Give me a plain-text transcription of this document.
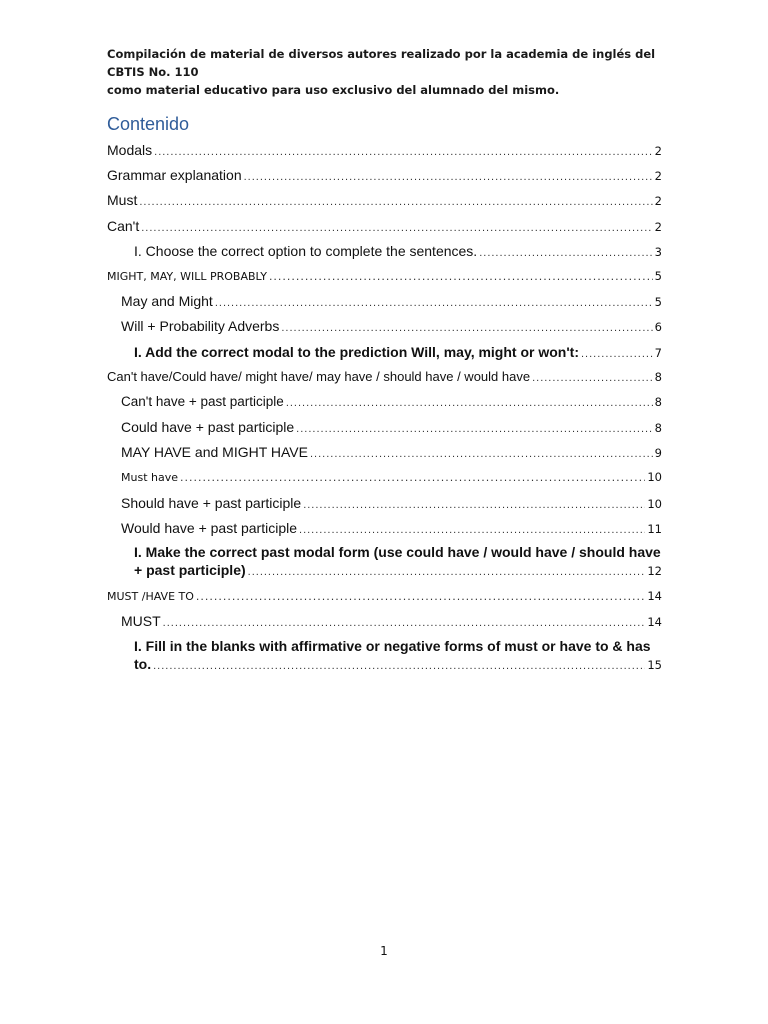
Compilación de material de diversos autores realizado por la academia de inglés del CBTIS No. 110
como material educativo para uso exclusivo del alumnado del mismo.
Contenido
Modals .....	2
Grammar explanation .....	2
Must .....	2
Can't .....	2
I. Choose the correct option to complete the sentences. .....	3
MIGHT, MAY, WILL PROBABLY .....	5
May and Might .....	5
Will + Probability Adverbs .....	6
I. Add the correct modal to the prediction Will, may, might or won't: .....	7
Can't have/Could have/ might have/ may have / should have / would have .....	8
Can't have + past participle .....	8
Could have + past participle .....	8
MAY HAVE and MIGHT HAVE .....	9
Must have .....	10
Should have + past participle .....	10
Would have + past participle .....	11
I. Make the correct past modal form (use could have / would have / should have
+ past participle) .....	12
MUST /HAVE TO .....	14
MUST .....	14
I. Fill in the blanks with affirmative or negative forms of must or have to & has
to. .....	15
1
